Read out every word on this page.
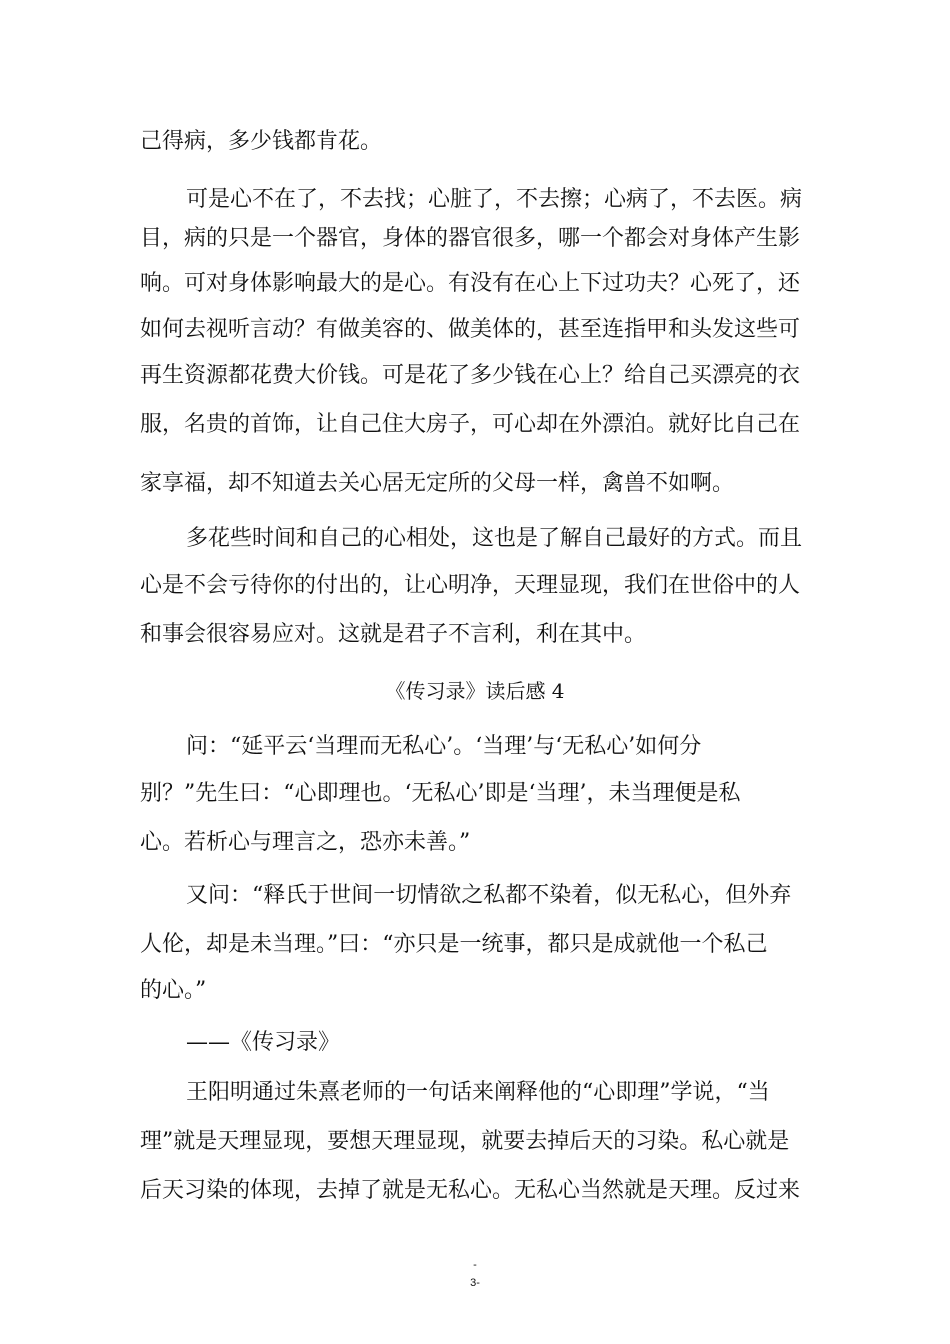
己得病，多少钱都肯花。
可是心不在了，不去找；心脏了，不去擦；心病了，不去医。病
目，病的只是一个器官，身体的器官很多，哪一个都会对身体产生影
响。可对身体影响最大的是心。有没有在心上下过功夫？心死了，还
如何去视听言动？有做美容的、做美体的，甚至连指甲和头发这些可
再生资源都花费大价钱。可是花了多少钱在心上？给自己买漂亮的衣
服，名贵的首饰，让自己住大房子，可心却在外漂泊。就好比自己在
家享福，却不知道去关心居无定所的父母一样，禽兽不如啊。
多花些时间和自己的心相处，这也是了解自己最好的方式。而且
心是不会亏待你的付出的，让心明净，天理显现，我们在世俗中的人
和事会很容易应对。这就是君子不言利，利在其中。
《传习录》读后感 4
问：“延平云‘当理而无私心’。‘当理’与‘无私心’如何分
别？”先生曰：“心即理也。‘无私心’即是‘当理’，未当理便是私
心。若析心与理言之，恐亦未善。”
又问：“释氏于世间一切情欲之私都不染着，似无私心，但外弃
人伦，却是未当理。”曰：“亦只是一统事，都只是成就他一个私己
的心。”
——《传习录》
王阳明通过朱熹老师的一句话来阐释他的“心即理”学说，“当
理”就是天理显现，要想天理显现，就要去掉后天的习染。私心就是
后天习染的体现，去掉了就是无私心。无私心当然就是天理。反过来
-
3-
